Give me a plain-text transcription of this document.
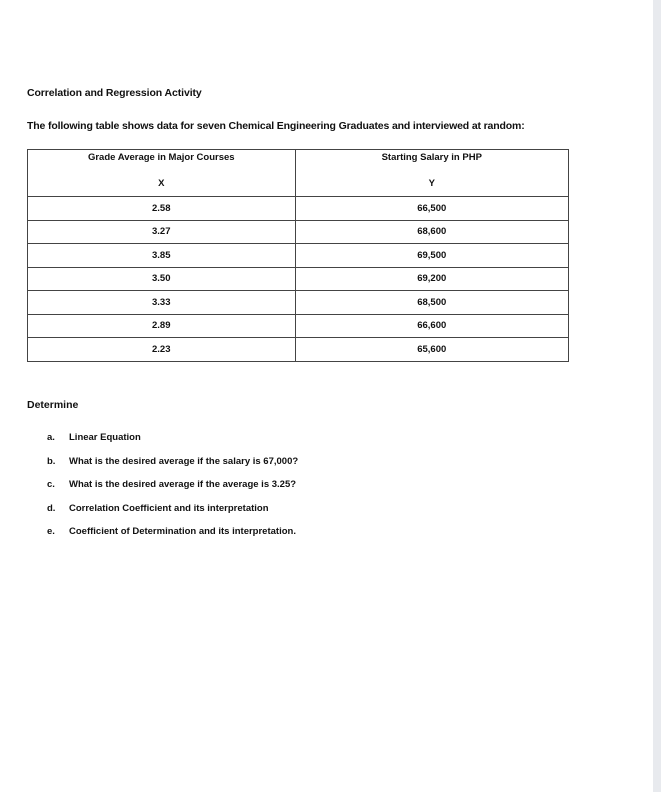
Correlation and Regression Activity
The following table shows data for seven Chemical Engineering Graduates and interviewed at random:
Grade Average in Major Courses	Starting Salary in PHP
X	Y
2.58	66,500
3.27	68,600
3.85	69,500
3.50	69,200
3.33	68,500
2.89	66,600
2.23	65,600
Determine
a. Linear Equation
b. What is the desired average if the salary is 67,000?
c. What is the desired average if the average is 3.25?
d. Correlation Coefficient and its interpretation
e. Coefficient of Determination and its interpretation.
